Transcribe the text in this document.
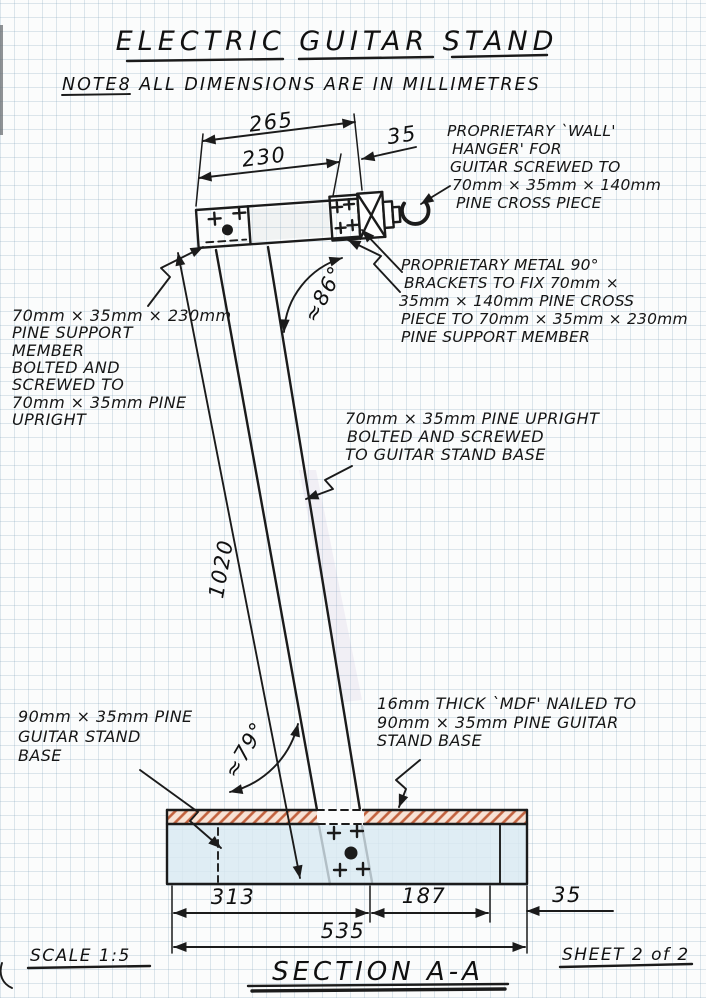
ELECTRIC GUITAR STAND
NOTE8 ALL DIMENSIONS ARE IN MILLIMETRES
265
230
35
1020
≈86°
≈79°
313	187	35
535
PROPRIETARY `WALL'
HANGER' FOR
GUITAR SCREWED TO
70mm × 35mm × 140mm
PINE CROSS PIECE
PROPRIETARY METAL 90°
BRACKETS TO FIX 70mm ×
35mm × 140mm PINE CROSS
PIECE TO 70mm × 35mm × 230mm
PINE SUPPORT MEMBER
70mm × 35mm × 230mm
PINE SUPPORT
MEMBER
BOLTED AND
SCREWED TO
70mm × 35mm PINE
UPRIGHT	70mm × 35mm PINE UPRIGHT
BOLTED AND SCREWED
TO GUITAR STAND BASE
90mm × 35mm PINE
GUITAR STAND
BASE
16mm THICK `MDF' NAILED TO
90mm × 35mm PINE GUITAR
STAND BASE
SCALE 1:5
SECTION A-A
SHEET 2 of 2
